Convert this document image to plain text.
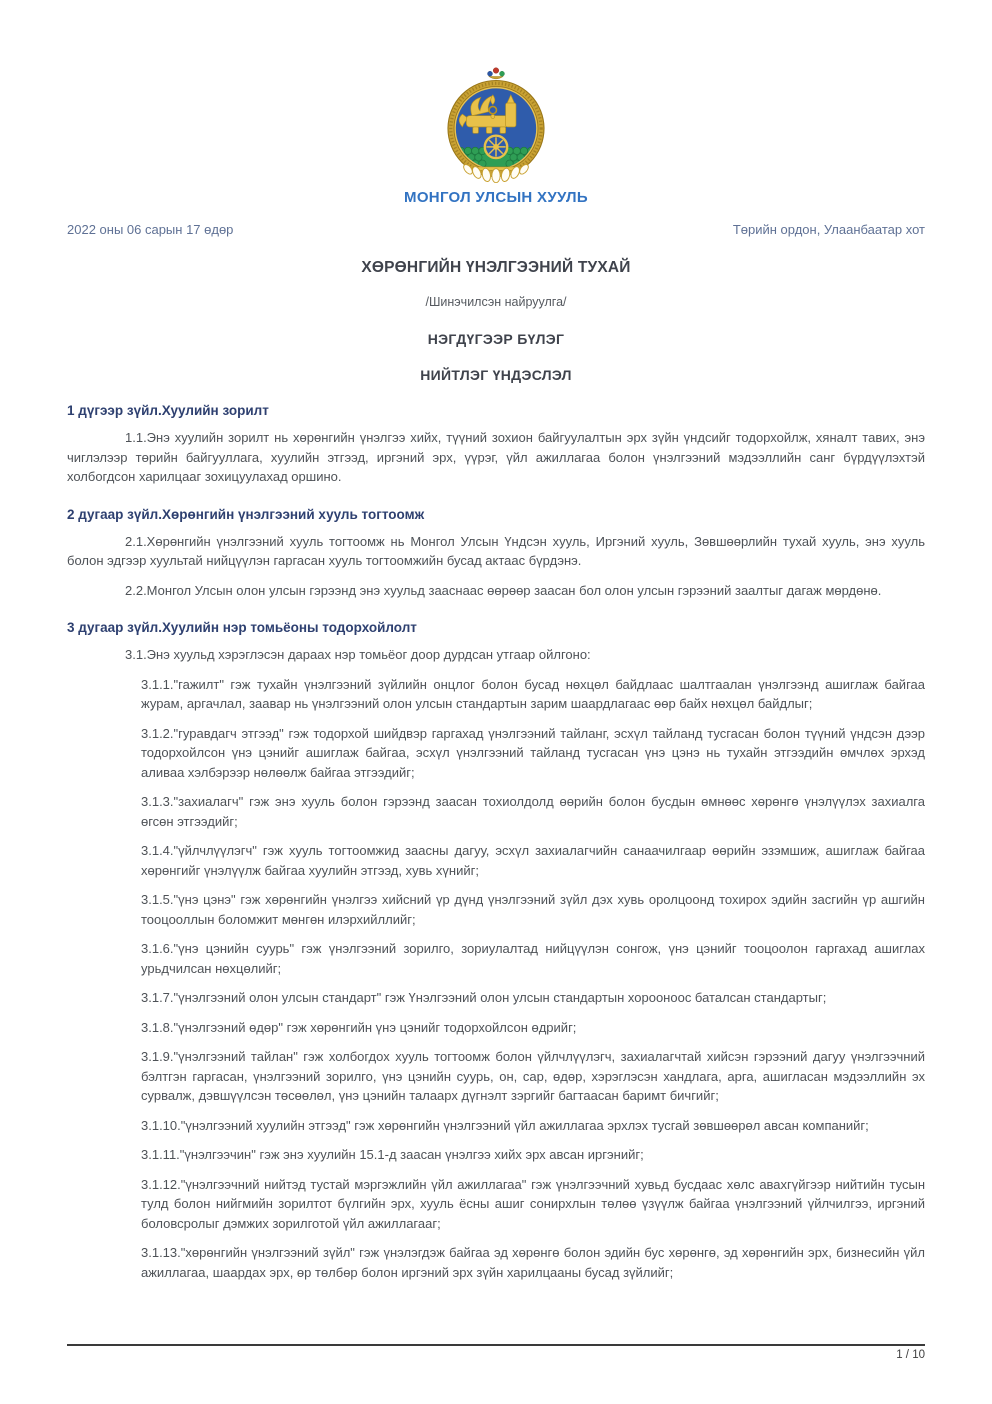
МОНГОЛ УЛСЫН ХУУЛЬ
2022 оны 06 сарын 17 өдөр	Төрийн ордон, Улаанбаатар хот
ХӨРӨНГИЙН ҮНЭЛГЭЭНИЙ ТУХАЙ
/Шинэчилсэн найруулга/
НЭГДҮГЭЭР БҮЛЭГ
НИЙТЛЭГ ҮНДЭСЛЭЛ
1 дүгээр зүйл.Хуулийн зорилт

1.1.Энэ хуулийн зорилт нь хөрөнгийн үнэлгээ хийх, түүний зохион байгуулалтын эрх зүйн үндсийг тодорхойлж, хяналт тавих, энэ чиглэлээр төрийн байгууллага, хуулийн этгээд, иргэний эрх, үүрэг, үйл ажиллагаа болон үнэлгээний мэдээллийн санг бүрдүүлэхтэй холбогдсон харилцааг зохицуулахад оршино.

2 дугаар зүйл.Хөрөнгийн үнэлгээний хууль тогтоомж

2.1.Хөрөнгийн үнэлгээний хууль тогтоомж нь Монгол Улсын Үндсэн хууль, Иргэний хууль, Зөвшөөрлийн тухай хууль, энэ хууль болон эдгээр хуультай нийцүүлэн гаргасан хууль тогтоомжийн бусад актаас бүрдэнэ.

2.2.Монгол Улсын олон улсын гэрээнд энэ хуульд зааснаас өөрөөр заасан бол олон улсын гэрээний заалтыг дагаж мөрдөнө.

3 дугаар зүйл.Хуулийн нэр томьёоны тодорхойлолт

3.1.Энэ хуульд хэрэглэсэн дараах нэр томьёог доор дурдсан утгаар ойлгоно:

3.1.1."гажилт" гэж тухайн үнэлгээний зүйлийн онцлог болон бусад нөхцөл байдлаас шалтгаалан үнэлгээнд ашиглаж байгаа журам, аргачлал, заавар нь үнэлгээний олон улсын стандартын зарим шаардлагаас өөр байх нөхцөл байдлыг;

3.1.2."гуравдагч этгээд" гэж тодорхой шийдвэр гаргахад үнэлгээний тайланг, эсхүл тайланд тусгасан болон түүний үндсэн дээр тодорхойлсон үнэ цэнийг ашиглаж байгаа, эсхүл үнэлгээний тайланд тусгасан үнэ цэнэ нь тухайн этгээдийн өмчлөх эрхэд аливаа хэлбэрээр нөлөөлж байгаа этгээдийг;

3.1.3."захиалагч" гэж энэ хууль болон гэрээнд заасан тохиолдолд өөрийн болон бусдын өмнөөс хөрөнгө үнэлүүлэх захиалга өгсөн этгээдийг;

3.1.4."үйлчлүүлэгч" гэж хууль тогтоомжид заасны дагуу, эсхүл захиалагчийн санаачилгаар өөрийн эзэмшиж, ашиглаж байгаа хөрөнгийг үнэлүүлж байгаа хуулийн этгээд, хувь хүнийг;

3.1.5."үнэ цэнэ" гэж хөрөнгийн үнэлгээ хийсний үр дүнд үнэлгээний зүйл дэх хувь оролцоонд тохирох эдийн засгийн үр ашгийн тооцооллын боломжит мөнгөн илэрхийллийг;

3.1.6."үнэ цэнийн суурь" гэж үнэлгээний зорилго, зориулалтад нийцүүлэн сонгож, үнэ цэнийг тооцоолон гаргахад ашиглах урьдчилсан нөхцөлийг;

3.1.7."үнэлгээний олон улсын стандарт" гэж Үнэлгээний олон улсын стандартын хорооноос баталсан стандартыг;

3.1.8."үнэлгээний өдөр" гэж хөрөнгийн үнэ цэнийг тодорхойлсон өдрийг;

3.1.9."үнэлгээний тайлан" гэж холбогдох хууль тогтоомж болон үйлчлүүлэгч, захиалагчтай хийсэн гэрээний дагуу үнэлгээчний бэлтгэн гаргасан, үнэлгээний зорилго, үнэ цэнийн суурь, он, сар, өдөр, хэрэглэсэн хандлага, арга, ашигласан мэдээллийн эх сурвалж, дэвшүүлсэн төсөөлөл, үнэ цэнийн талаарх дүгнэлт зэргийг багтаасан баримт бичгийг;

3.1.10."үнэлгээний хуулийн этгээд" гэж хөрөнгийн үнэлгээний үйл ажиллагаа эрхлэх тусгай зөвшөөрөл авсан компанийг;

3.1.11."үнэлгээчин" гэж энэ хуулийн 15.1-д заасан үнэлгээ хийх эрх авсан иргэнийг;

3.1.12."үнэлгээчний нийтэд тустай мэргэжлийн үйл ажиллагаа" гэж үнэлгээчний хувьд бусдаас хөлс авахгүйгээр нийтийн тусын тулд болон нийгмийн зорилтот бүлгийн эрх, хууль ёсны ашиг сонирхлын төлөө үзүүлж байгаа үнэлгээний үйлчилгээ, иргэний боловсролыг дэмжих зорилготой үйл ажиллагааг;

3.1.13."хөрөнгийн үнэлгээний зүйл" гэж үнэлэгдэж байгаа эд хөрөнгө болон эдийн бус хөрөнгө, эд хөрөнгийн эрх, бизнесийн үйл ажиллагаа, шаардах эрх, өр төлбөр болон иргэний эрх зүйн харилцааны бусад зүйлийг;

1 / 10
